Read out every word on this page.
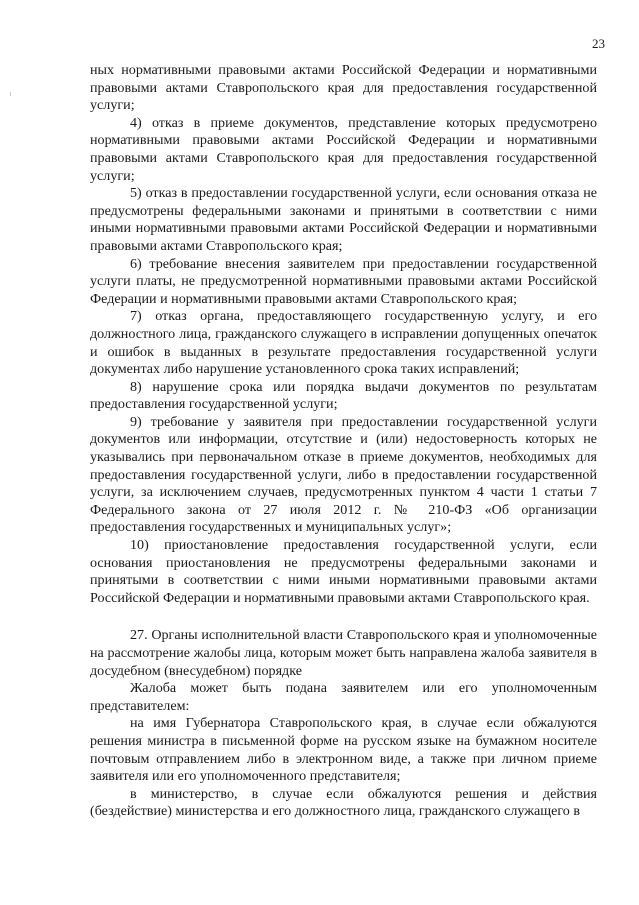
23

ных нормативными правовыми актами Российской Федерации и нормативными правовыми актами Ставропольского края для предоставления государственной услуги;

4) отказ в приеме документов, представление которых предусмотрено нормативными правовыми актами Российской Федерации и нормативными правовыми актами Ставропольского края для предоставления государственной услуги;

5) отказ в предоставлении государственной услуги, если основания отказа не предусмотрены федеральными законами и принятыми в соответствии с ними иными нормативными правовыми актами Российской Федерации и нормативными правовыми актами Ставропольского края;

6) требование внесения заявителем при предоставлении государственной услуги платы, не предусмотренной нормативными правовыми актами Российской Федерации и нормативными правовыми актами Ставропольского края;

7) отказ органа, предоставляющего государственную услугу, и его должностного лица, гражданского служащего в исправлении допущенных опечаток и ошибок в выданных в результате предоставления государственной услуги документах либо нарушение установленного срока таких исправлений;

8) нарушение срока или порядка выдачи документов по результатам предоставления государственной услуги;

9) требование у заявителя при предоставлении государственной услуги документов или информации, отсутствие и (или) недостоверность которых не указывались при первоначальном отказе в приеме документов, необходимых для предоставления государственной услуги, либо в предоставлении государственной услуги, за исключением случаев, предусмотренных пунктом 4 части 1 статьи 7 Федерального закона от 27 июля 2012 г. № 210-ФЗ «Об организации предоставления государственных и муниципальных услуг»;

10) приостановление предоставления государственной услуги, если основания приостановления не предусмотрены федеральными законами и принятыми в соответствии с ними иными нормативными правовыми актами Российской Федерации и нормативными правовыми актами Ставропольского края.

27. Органы исполнительной власти Ставропольского края и уполномоченные на рассмотрение жалобы лица, которым может быть направлена жалоба заявителя в досудебном (внесудебном) порядке

Жалоба может быть подана заявителем или его уполномоченным представителем:

на имя Губернатора Ставропольского края, в случае если обжалуются решения министра в письменной форме на русском языке на бумажном носителе почтовым отправлением либо в электронном виде, а также при личном приеме заявителя или его уполномоченного представителя;

в министерство, в случае если обжалуются решения и действия (бездействие) министерства и его должностного лица, гражданского служащего в
